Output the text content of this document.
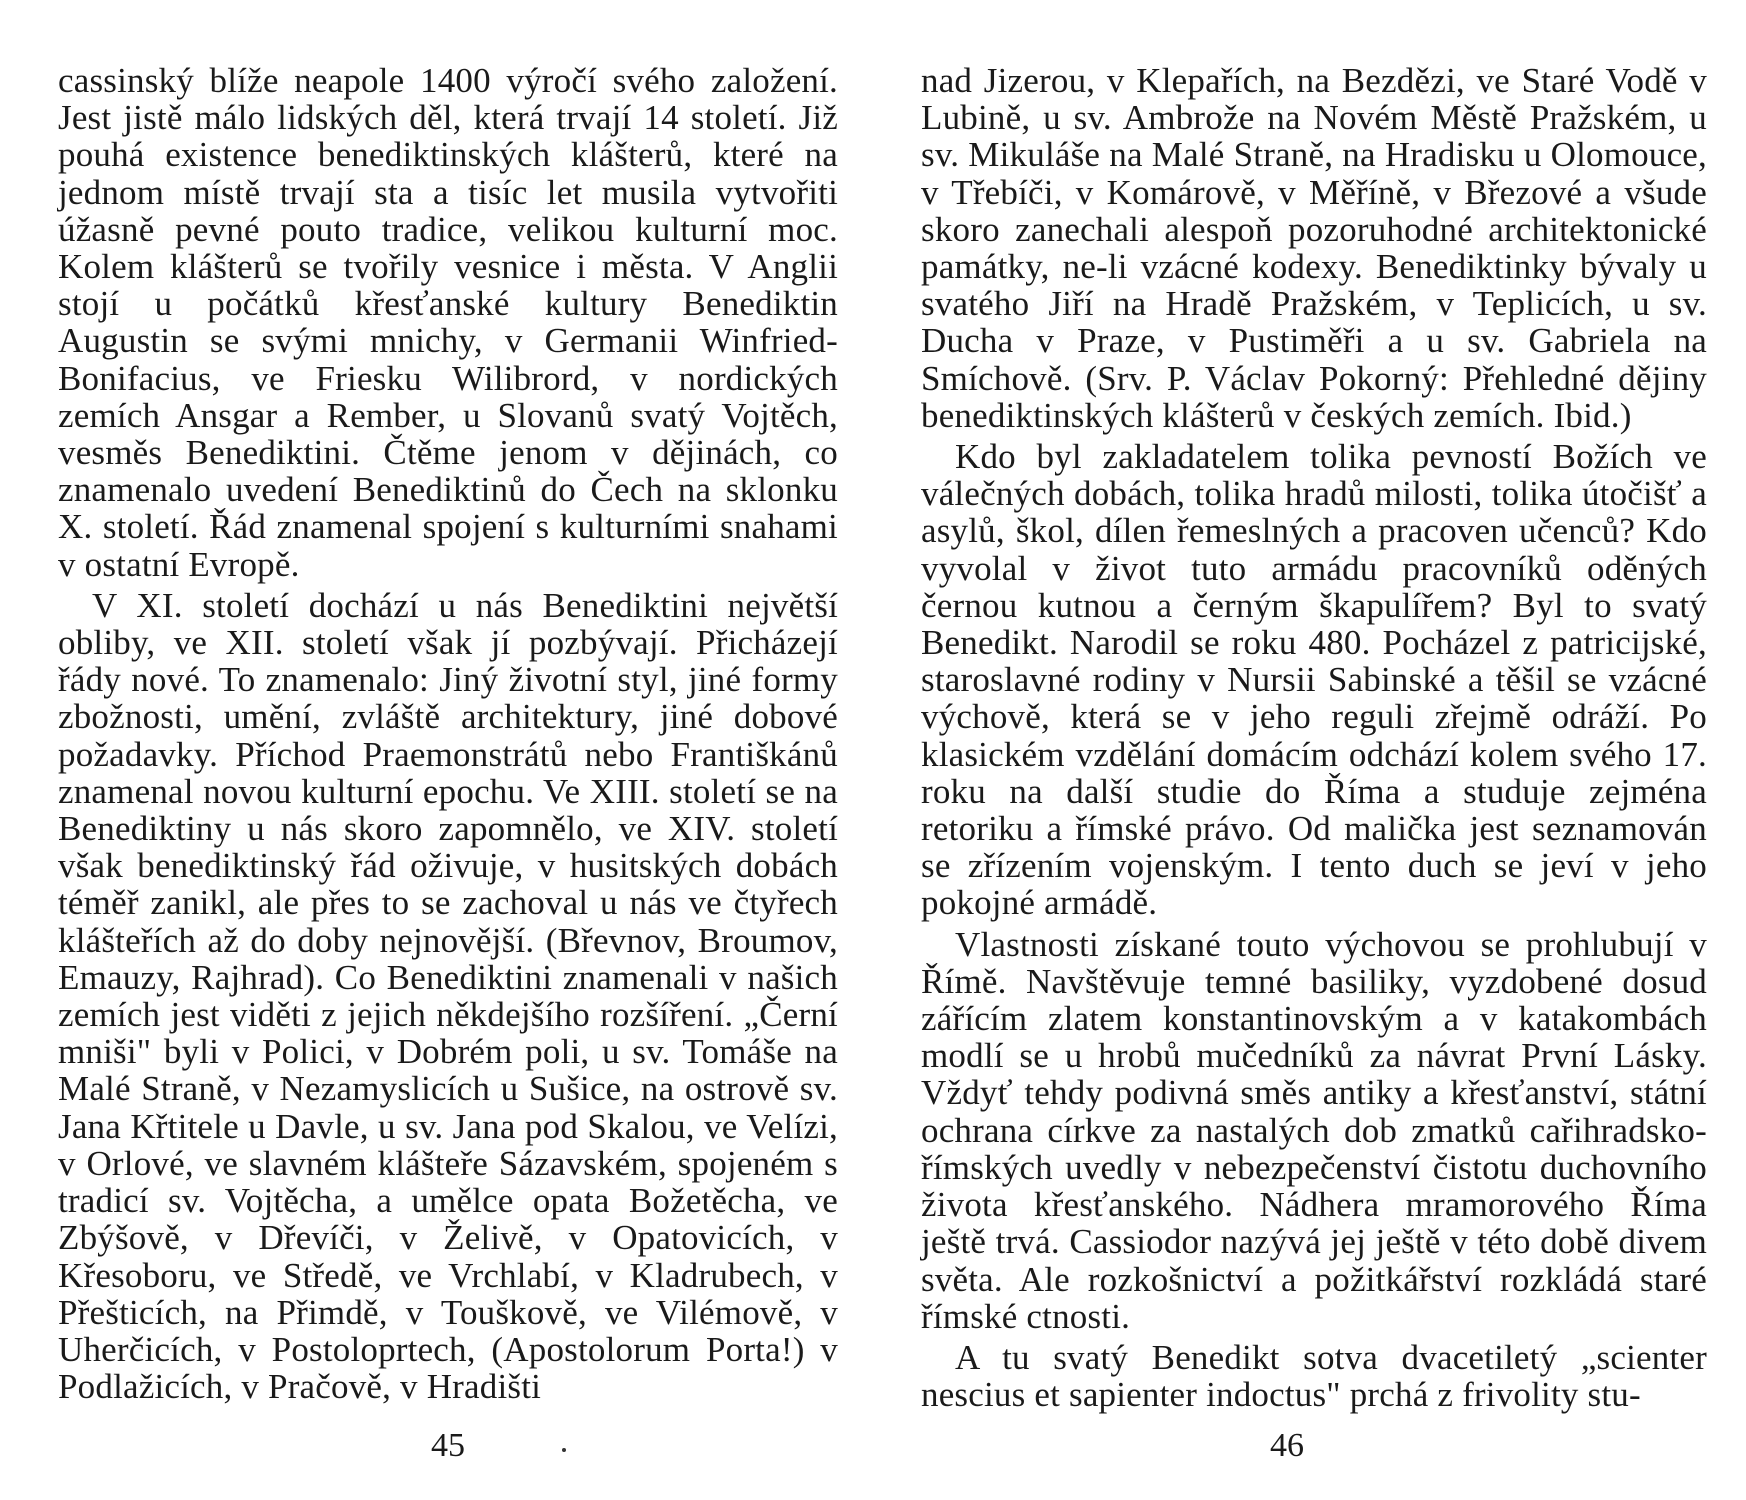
cassinský blíže neapole 1400 výročí svého založení. Jest jistě málo lidských děl, která trvají 14 století. Již pouhá existence benediktinských klášterů, které na jednom místě trvají sta a tisíc let musila vytvořiti úžasně pevné pouto tradice, velikou kulturní moc. Kolem klášterů se tvořily vesnice i města. V Anglii stojí u počátků křesťanské kultury Benediktin Augustin se svými mnichy, v Germanii Winfried-Bonifacius, ve Friesku Wilibrord, v nordických zemích Ansgar a Rember, u Slovanů svatý Vojtěch, vesměs Benediktini. Čtěme jenom v dějinách, co znamenalo uvedení Benediktinů do Čech na sklonku X. století. Řád znamenal spojení s kulturními snahami v ostatní Evropě.

V XI. století dochází u nás Benediktini největší obliby, ve XII. století však jí pozbývají. Přicházejí řády nové. To znamenalo: Jiný životní styl, jiné formy zbožnosti, umění, zvláště architektury, jiné dobové požadavky. Příchod Praemonstrátů nebo Františkánů znamenal novou kulturní epochu. Ve XIII. století se na Benediktiny u nás skoro zapomnělo, ve XIV. století však benediktinský řád oživuje, v husitských dobách téměř zanikl, ale přes to se zachoval u nás ve čtyřech klášteřích až do doby nejnovější. (Břevnov, Broumov, Emauzy, Rajhrad). Co Benediktini znamenali v našich zemích jest viděti z jejich někdejšího rozšíření. „Černí mniši" byli v Polici, v Dobrém poli, u sv. Tomáše na Malé Straně, v Nezamyslicích u Sušice, na ostrově sv. Jana Křtitele u Davle, u sv. Jana pod Skalou, ve Velízi, v Orlové, ve slavném klášteře Sázavském, spojeném s tradicí sv. Vojtěcha, a umělce opata Božetěcha, ve Zbýšově, v Dřevíči, v Želivě, v Opatovicích, v Křesoboru, ve Středě, ve Vrchlabí, v Kladrubech, v Přešticích, na Přimdě, v Touškově, ve Vilémově, v Uherčicích, v Postoloprtech, (Apostolorum Porta!) v Podlažicích, v Pračově, v Hradišti

45

nad Jizerou, v Klepařích, na Bezdězi, ve Staré Vodě v Lubině, u sv. Ambrože na Novém Městě Pražském, u sv. Mikuláše na Malé Straně, na Hradisku u Olomouce, v Třebíči, v Komárově, v Měříně, v Březové a všude skoro zanechali alespoň pozoruhodné architektonické památky, ne-li vzácné kodexy. Benediktinky bývaly u svatého Jiří na Hradě Pražském, v Teplicích, u sv. Ducha v Praze, v Pustiměři a u sv. Gabriela na Smíchově. (Srv. P. Václav Pokorný: Přehledné dějiny benediktinských klášterů v českých zemích. Ibid.)

Kdo byl zakladatelem tolika pevností Božích ve válečných dobách, tolika hradů milosti, tolika útočišť a asylů, škol, dílen řemeslných a pracoven učenců? Kdo vyvolal v život tuto armádu pracovníků oděných černou kutnou a černým škapulířem? Byl to svatý Benedikt. Narodil se roku 480. Pocházel z patricijské, staroslavné rodiny v Nursii Sabinské a těšil se vzácné výchově, která se v jeho reguli zřejmě odráží. Po klasickém vzdělání domácím odchází kolem svého 17. roku na další studie do Říma a studuje zejména retoriku a římské právo. Od malička jest seznamován se zřízením vojenským. I tento duch se jeví v jeho pokojné armádě.

Vlastnosti získané touto výchovou se prohlubují v Římě. Navštěvuje temné basiliky, vyzdobené dosud zářícím zlatem konstantinovským a v katakombách modlí se u hrobů mučedníků za návrat První Lásky. Vždyť tehdy podivná směs antiky a křesťanství, státní ochrana církve za nastalých dob zmatků cařihradsko-římských uvedly v nebezpečenství čistotu duchovního života křesťanského. Nádhera mramorového Říma ještě trvá. Cassiodor nazývá jej ještě v této době divem světa. Ale rozkošnictví a požitkářství rozkládá staré římské ctnosti.

A tu svatý Benedikt sotva dvacetiletý „scienter nescius et sapienter indoctus" prchá z frivolity stu-

46
